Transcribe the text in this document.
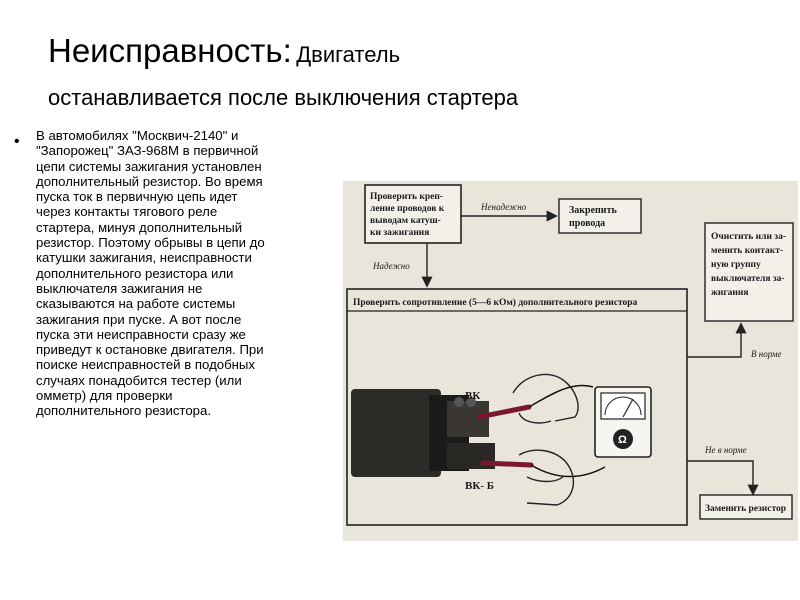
Неисправность: Двигатель
останавливается после выключения стартера
• В автомобилях "Москвич-2140" и
"Запорожец" ЗАЗ-968М в первичной
цепи системы зажигания установлен
дополнительный резистор. Во время
пуска ток в первичную цепь идет
через контакты тягового реле
стартера, минуя дополнительный
резистор. Поэтому обрывы в цепи до
катушки зажигания, неисправности
дополнительного резистора или
выключателя зажигания не
сказываются на работе системы
зажигания при пуске. А вот после
пуска эти неисправности сразу же
приведут к остановке двигателя. При
поиске неисправностей в подобных
случаях понадобится тестер (или
омметр) для проверки
дополнительного резистора.
Проверить креп- ление проводов к выводам катуш- ки зажигания
Ненадежно	Закрепить провода
Надежно
Очистить или за- менить контакт- ную группу выключателя за- жигания
Проверить сопротивление (5—6 кОм) дополнительного резистора
В норме
Не в норме
Заменить резистор
ВК
ВК- Б
Ω
